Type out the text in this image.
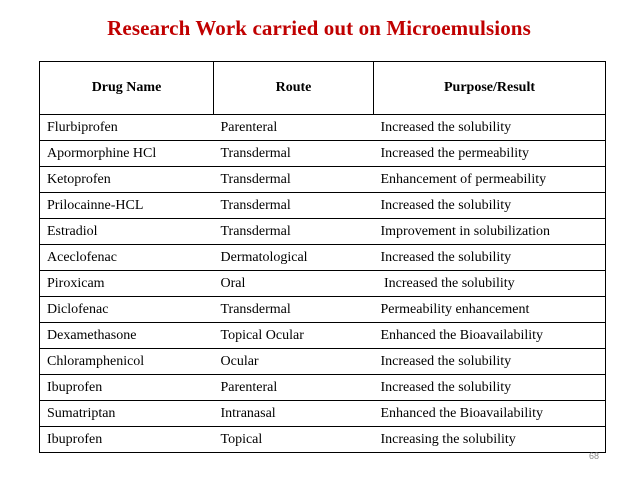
Research Work carried out on Microemulsions
Drug Name	Route	Purpose/Result
Flurbiprofen	Parenteral	Increased the solubility
Apormorphine HCl	Transdermal	Increased the permeability
Ketoprofen	Transdermal	Enhancement of permeability
Prilocainne-HCL	Transdermal	Increased the solubility
Estradiol	Transdermal	Improvement in solubilization
Aceclofenac	Dermatological	Increased the solubility
Piroxicam	Oral	Increased the solubility
Diclofenac	Transdermal	Permeability enhancement
Dexamethasone	Topical Ocular	Enhanced the Bioavailability
Chloramphenicol	Ocular	Increased the solubility
Ibuprofen	Parenteral	Increased the solubility
Sumatriptan	Intranasal	Enhanced the Bioavailability
Ibuprofen	Topical	Increasing the solubility
68
